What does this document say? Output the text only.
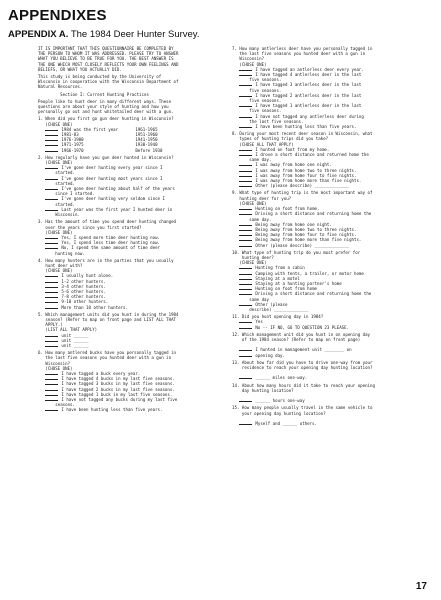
APPENDIXES
APPENDIX A. The 1984 Deer Hunter Survey.

IT IS IMPORTANT THAT THIS QUESTIONNAIRE BE COMPLETED BY
THE PERSON TO WHOM IT WAS ADDRESSED. PLEASE TRY TO ANSWER
WHAT YOU BELIEVE TO BE TRUE FOR YOU. THE BEST ANSWER IS
THE ONE WHICH MOST CLOSELY REFLECTS YOUR OWN FEELINGS AND
BELIEFS, OR WHAT YOU ACTUALLY DID.

This study is being conducted by the University of
Wisconsin in cooperation with the Wisconsin Department of
Natural Resources.

Section I: Current Hunting Practices

People like to hunt deer in many different ways. These
questions are about your style of hunting and how you
personally go out and hunt whitetailed deer with a gun.

1. When did you first go gun deer hunting in Wisconsin?
(CHOSE ONE)
1984 was the first year       1961-1965
1981-83                       1951-1960
1976-1980                     1941-1950
1971-1975                     1930-1940
1966-1970                     Before 1930

2. How regularly have you gun deer hunted in Wisconsin?
(CHOSE ONE)
I've gone deer hunting every year since I
started.
I've gone deer hunting most years since I
started.
I've gone deer hunting about half of the years
since I started.
I've gone deer hunting very seldom since I
started.
Last year was the first year I hunted deer in
Wisconsin.

3. Has the amount of time you spend deer hunting changed
over the years since you first started?
(CHOSE ONE)
Yes, I spend more time deer hunting now.
Yes, I spend less time deer hunting now.
No, I spend the same amount of time deer
hunting now.

4. How many hunters are in the parties that you usually
hunt deer with?
(CHOSE ONE)
I usually hunt alone.
1-2 other hunters.
3-4 other hunters.
5-6 other hunters.
7-8 other hunters.
9-10 other hunters.
More than 10 other hunters.

5. Which management units did you hunt in during the 1984
season? (Refer to map on front page and LIST ALL THAT
APPLY.)
(LIST ALL THAT APPLY)
unit ______
unit ______
unit ______

6. How many antlered bucks have you personally tagged in
the last five seasons you hunted deer with a gun in
Wisconsin?
(CHOSE ONE)
I have tagged a buck every year.
I have tagged 4 bucks in my last five seasons.
I have tagged 3 bucks in my last five seasons.
I have tagged 2 bucks in my last five seasons.
I have tagged 1 buck in my last five seasons.
I have not tagged any bucks during my last five
seasons.
I have been hunting less than five years.

7. How many antlerless deer have you personally tagged in
the last five seasons you hunted deer with a gun in
Wisconsin?
(CHOSE ONE)
I have tagged an antlerless deer every year.
I have tagged 4 antlerless deer in the last
five seasons.
I have tagged 3 antlerless deer in the last
five seasons.
I have tagged 2 antlerless deer in the last
five seasons.
I have tagged 1 antlerless deer in the last
five seasons.
I have not tagged any antlerless deer during
the last five seasons.
I have been hunting less than five years.

8. During your most recent deer season in Wisconsin, what
types of hunting trips did you take?
(CHOSE ALL THAT APPLY)
I hunted on foot from my home.
I drove a short distance and returned home the
same day.
I was away from home one night.
I was away from home two to three nights.
I was away from home four to five nights.
I was away from home more than five nights.
Other (please describe) ______________

9. What type of hunting trip is the most important way of
hunting deer for you?
(CHOSE ONE)
Hunting on foot from home.
Driving a short distance and returning home the
same day.
Being away from home one night.
Being away from home two to three nights.
Being away from home four to five nights.
Being away from home more than five nights.
Other (please describe) ______________

10. What type of hunting trip do you most prefer for
hunting deer?
(CHOSE ONE)
Hunting from a cabin
Camping with tents, a trailer, or motor home
Staying at a motel
Staying at a hunting partner's home
Hunting on foot from home
Driving a short distance and returning home the
same day
Other (please
describe) ______________

11. Did you hunt opening day in 1984?
Yes
No -- IF NO, GO TO QUESTION 23 PLEASE.

12. Which management unit did you hunt in on opening day
of the 1984 season? (Refer to map on front page)

I hunted in management unit ________ on
opening day.

13. About how far did you have to drive one-way from your
residence to reach your opening day hunting location?

______ miles one-way.

14. About how many hours did it take to reach your opening
day hunting location?

______ hours one-way

15. How many people usually travel in the same vehicle to
your opening day hunting location?

Myself and ______ others.

17
